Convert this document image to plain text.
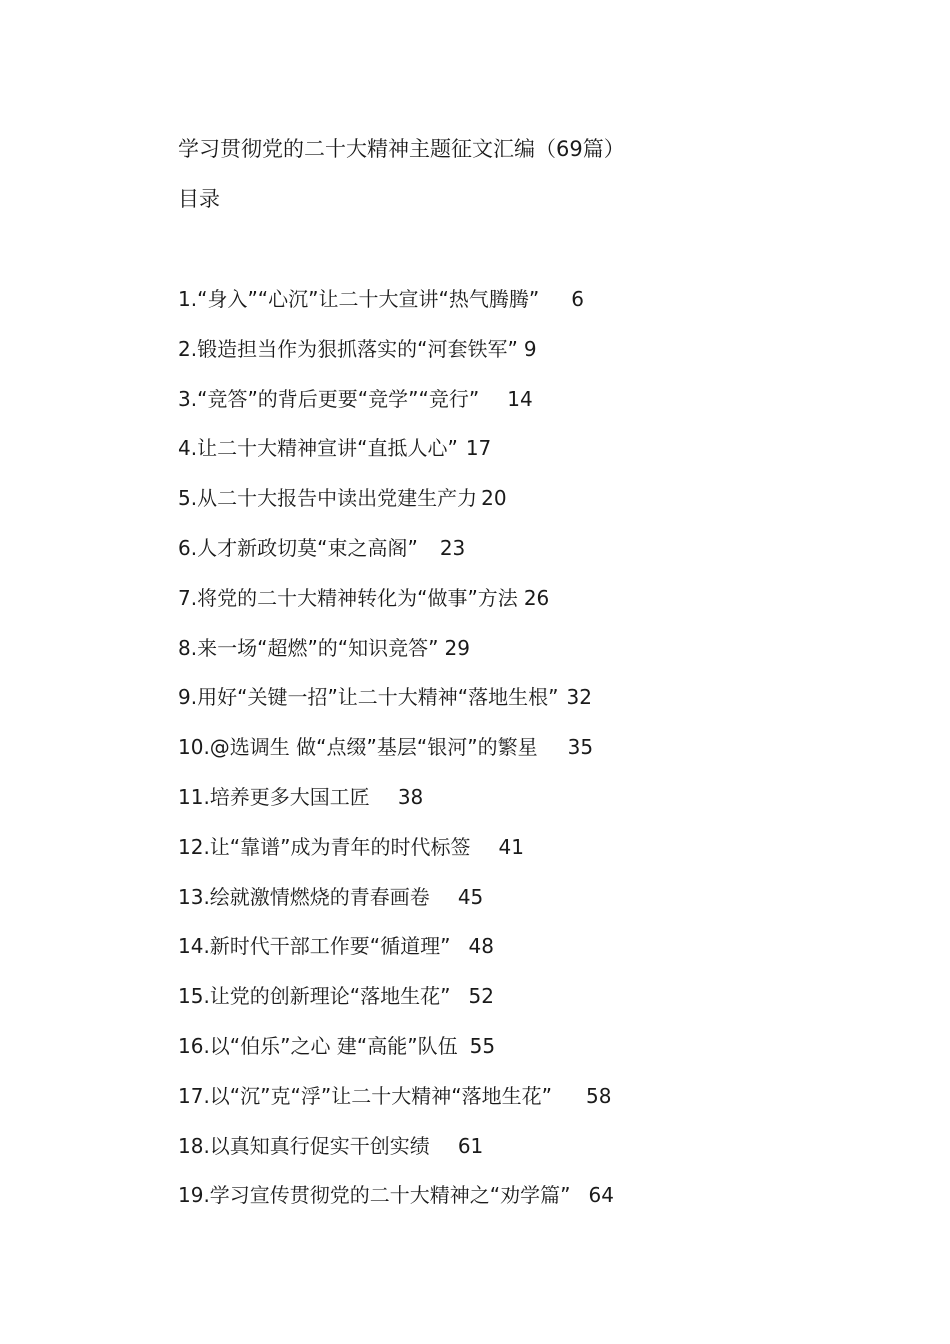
学习贯彻党的二十大精神主题征文汇编（69篇）
目录
1.“身入”“心沉”让二十大宣讲“热气腾腾” 6
2.锻造担当作为狠抓落实的“河套铁军” 9
3.“竞答”的背后更要“竞学”“竞行” 14
4.让二十大精神宣讲“直抵人心” 17
5.从二十大报告中读出党建生产力 20
6.人才新政切莫“束之高阁” 23
7.将党的二十大精神转化为“做事”方法 26
8.来一场“超燃”的“知识竞答” 29
9.用好“关键一招”让二十大精神“落地生根” 32
10.@选调生 做“点缀”基层“银河”的繁星 35
11.培养更多大国工匠 38
12.让“靠谱”成为青年的时代标签 41
13.绘就激情燃烧的青春画卷 45
14.新时代干部工作要“循道理” 48
15.让党的创新理论“落地生花” 52
16.以“伯乐”之心 建“高能”队伍 55
17.以“沉”克“浮”让二十大精神“落地生花” 58
18.以真知真行促实干创实绩 61
19.学习宣传贯彻党的二十大精神之“劝学篇” 64
